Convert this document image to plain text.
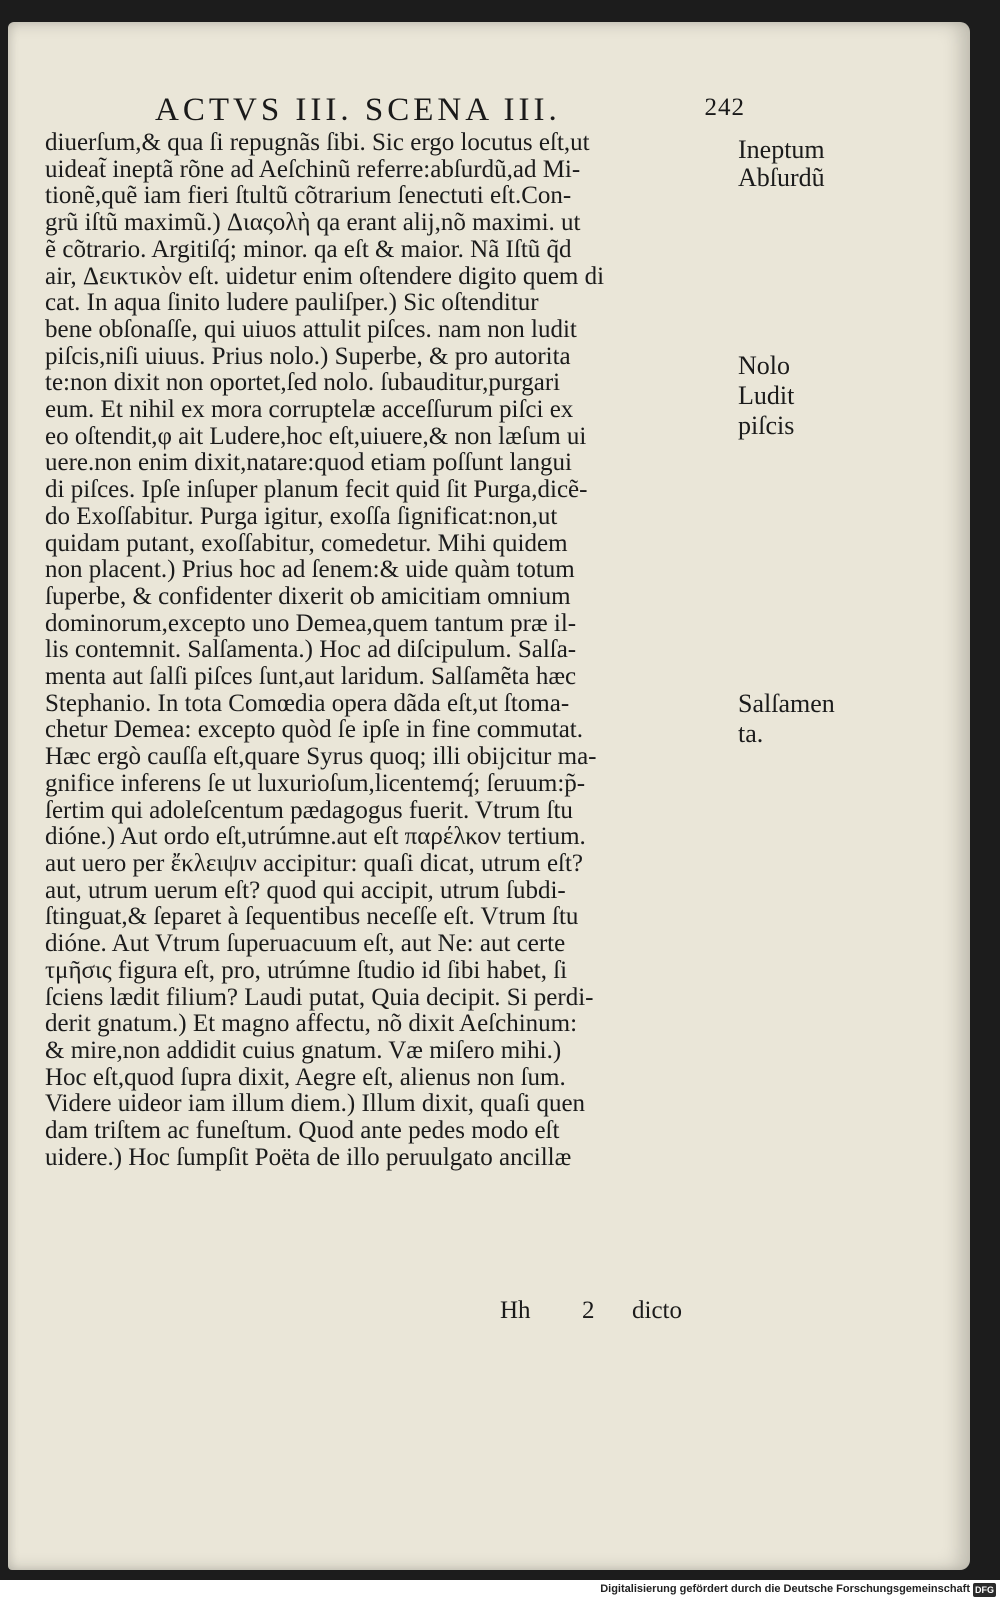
ACTVS III. SCENA III.	242
diuerſum,& qua ſi repugnãs ſibi. Sic ergo locutus eſt,ut
uideat̃ ineptã rõne ad Aeſchinũ referre:abſurdũ,ad Mi-
tionẽ,quẽ iam fieri ſtultũ cõtrarium ſenectuti eſt.Con-
grũ iſtũ maximũ.) Διαςολὴ qa erant alij,nõ maximi. ut
ẽ cõtrario. Argitiſq́; minor. qa eſt & maior. Nã Iſtũ q̃d
air, Δεικτικὸν eſt. uidetur enim oſtendere digito quem di
cat. In aqua ſinito ludere pauliſper.) Sic oſtenditur
bene obſonaſſe, qui uiuos attulit piſces. nam non ludit
piſcis,niſi uiuus. Prius nolo.) Superbe, & pro autorita
te:non dixit non oportet,ſed nolo. ſubauditur,purgari
eum. Et nihil ex mora corruptelæ acceſſurum piſci ex
eo oſtendit,φ ait Ludere,hoc eſt,uiuere,& non læſum ui
uere.non enim dixit,natare:quod etiam poſſunt langui
di piſces. Ipſe inſuper planum fecit quid ſit Purga,dicẽ-
do Exoſſabitur. Purga igitur, exoſſa ſignificat:non,ut
quidam putant, exoſſabitur, comedetur. Mihi quidem
non placent.) Prius hoc ad ſenem:& uide quàm totum
ſuperbe, & confidenter dixerit ob amicitiam omnium
dominorum,excepto uno Demea,quem tantum præ il-
lis contemnit. Salſamenta.) Hoc ad diſcipulum. Salſa-
menta aut ſalſi piſces ſunt,aut laridum. Salſamẽta hæc
Stephanio. In tota Comœdia opera dãda eſt,ut ſtoma-
chetur Demea: excepto quòd ſe ipſe in fine commutat.
Hæc ergò cauſſa eſt,quare Syrus quoq; illi obijcitur ma-
gnifice inferens ſe ut luxurioſum,licentemq́; ſeruum:p̃-
ſertim qui adoleſcentum pædagogus fuerit. Vtrum ſtu
dióne.) Aut ordo eſt,utrúmne.aut eſt παρέλκον tertium.
aut uero per ἔκλειψιν accipitur: quaſi dicat, utrum eſt?
aut, utrum uerum eſt? quod qui accipit, utrum ſubdi-
ſtinguat,& ſeparet à ſequentibus neceſſe eſt. Vtrum ſtu
dióne. Aut Vtrum ſuperuacuum eſt, aut Ne: aut certe
τμῆσις figura eſt, pro, utrúmne ſtudio id ſibi habet, ſi
ſciens lædit filium? Laudi putat, Quia decipit. Si perdi-
derit gnatum.) Et magno affectu, nõ dixit Aeſchinum:
& mire,non addidit cuius gnatum. Væ miſero mihi.)
Hoc eſt,quod ſupra dixit, Aegre eſt, alienus non ſum.
Videre uideor iam illum diem.) Illum dixit, quaſi quen
dam triſtem ac funeſtum. Quod ante pedes modo eſt
uidere.) Hoc ſumpſit Poëta de illo peruulgato ancillæ
Ineptum
Abſurdũ
Nolo
Ludit
piſcis
Salſamen
ta.
Hh 2 dicto
Digitalisierung gefördert durch die Deutsche Forschungsgemeinschaft DFG
